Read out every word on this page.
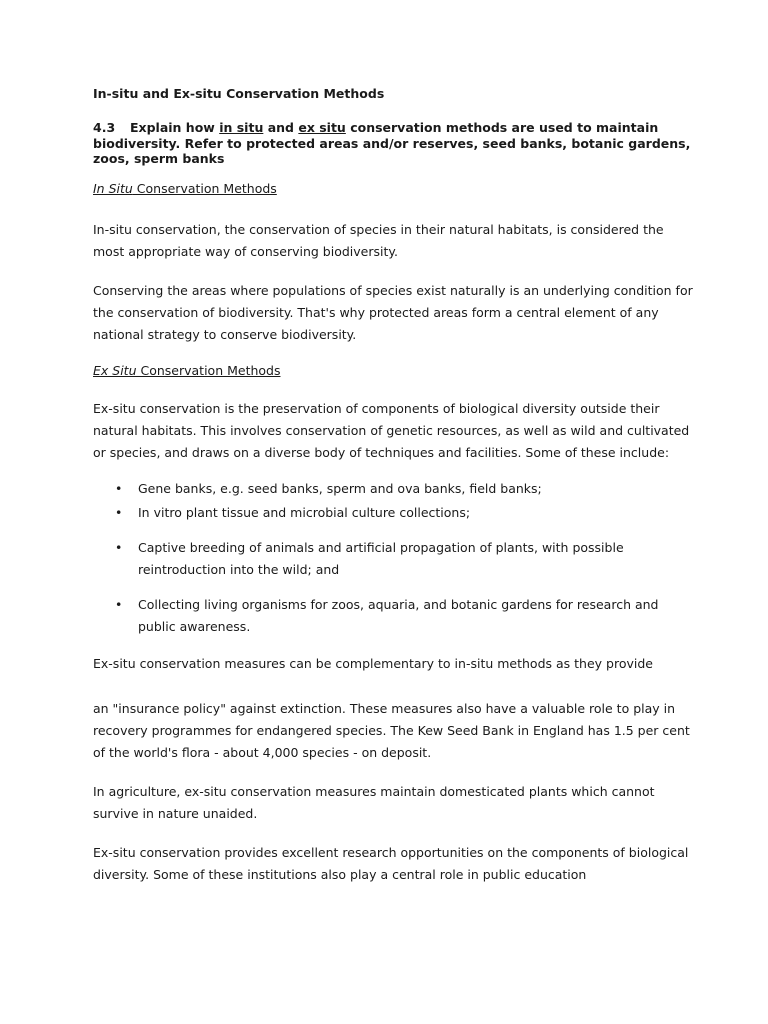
In-situ and Ex-situ Conservation Methods

4.3 Explain how in situ and ex situ conservation methods are used to maintain biodiversity. Refer to protected areas and/or reserves, seed banks, botanic gardens, zoos, sperm banks

In Situ Conservation Methods

In-situ conservation, the conservation of species in their natural habitats, is considered the most appropriate way of conserving biodiversity.

Conserving the areas where populations of species exist naturally is an underlying condition for the conservation of biodiversity. That's why protected areas form a central element of any national strategy to conserve biodiversity.

Ex Situ Conservation Methods

Ex-situ conservation is the preservation of components of biological diversity outside their natural habitats. This involves conservation of genetic resources, as well as wild and cultivated or species, and draws on a diverse body of techniques and facilities. Some of these include:

• Gene banks, e.g. seed banks, sperm and ova banks, field banks;
• In vitro plant tissue and microbial culture collections;
• Captive breeding of animals and artificial propagation of plants, with possible reintroduction into the wild; and
• Collecting living organisms for zoos, aquaria, and botanic gardens for research and public awareness.

Ex-situ conservation measures can be complementary to in-situ methods as they provide

an "insurance policy" against extinction. These measures also have a valuable role to play in recovery programmes for endangered species. The Kew Seed Bank in England has 1.5 per cent of the world's flora - about 4,000 species - on deposit.

In agriculture, ex-situ conservation measures maintain domesticated plants which cannot survive in nature unaided.

Ex-situ conservation provides excellent research opportunities on the components of biological diversity. Some of these institutions also play a central role in public education
